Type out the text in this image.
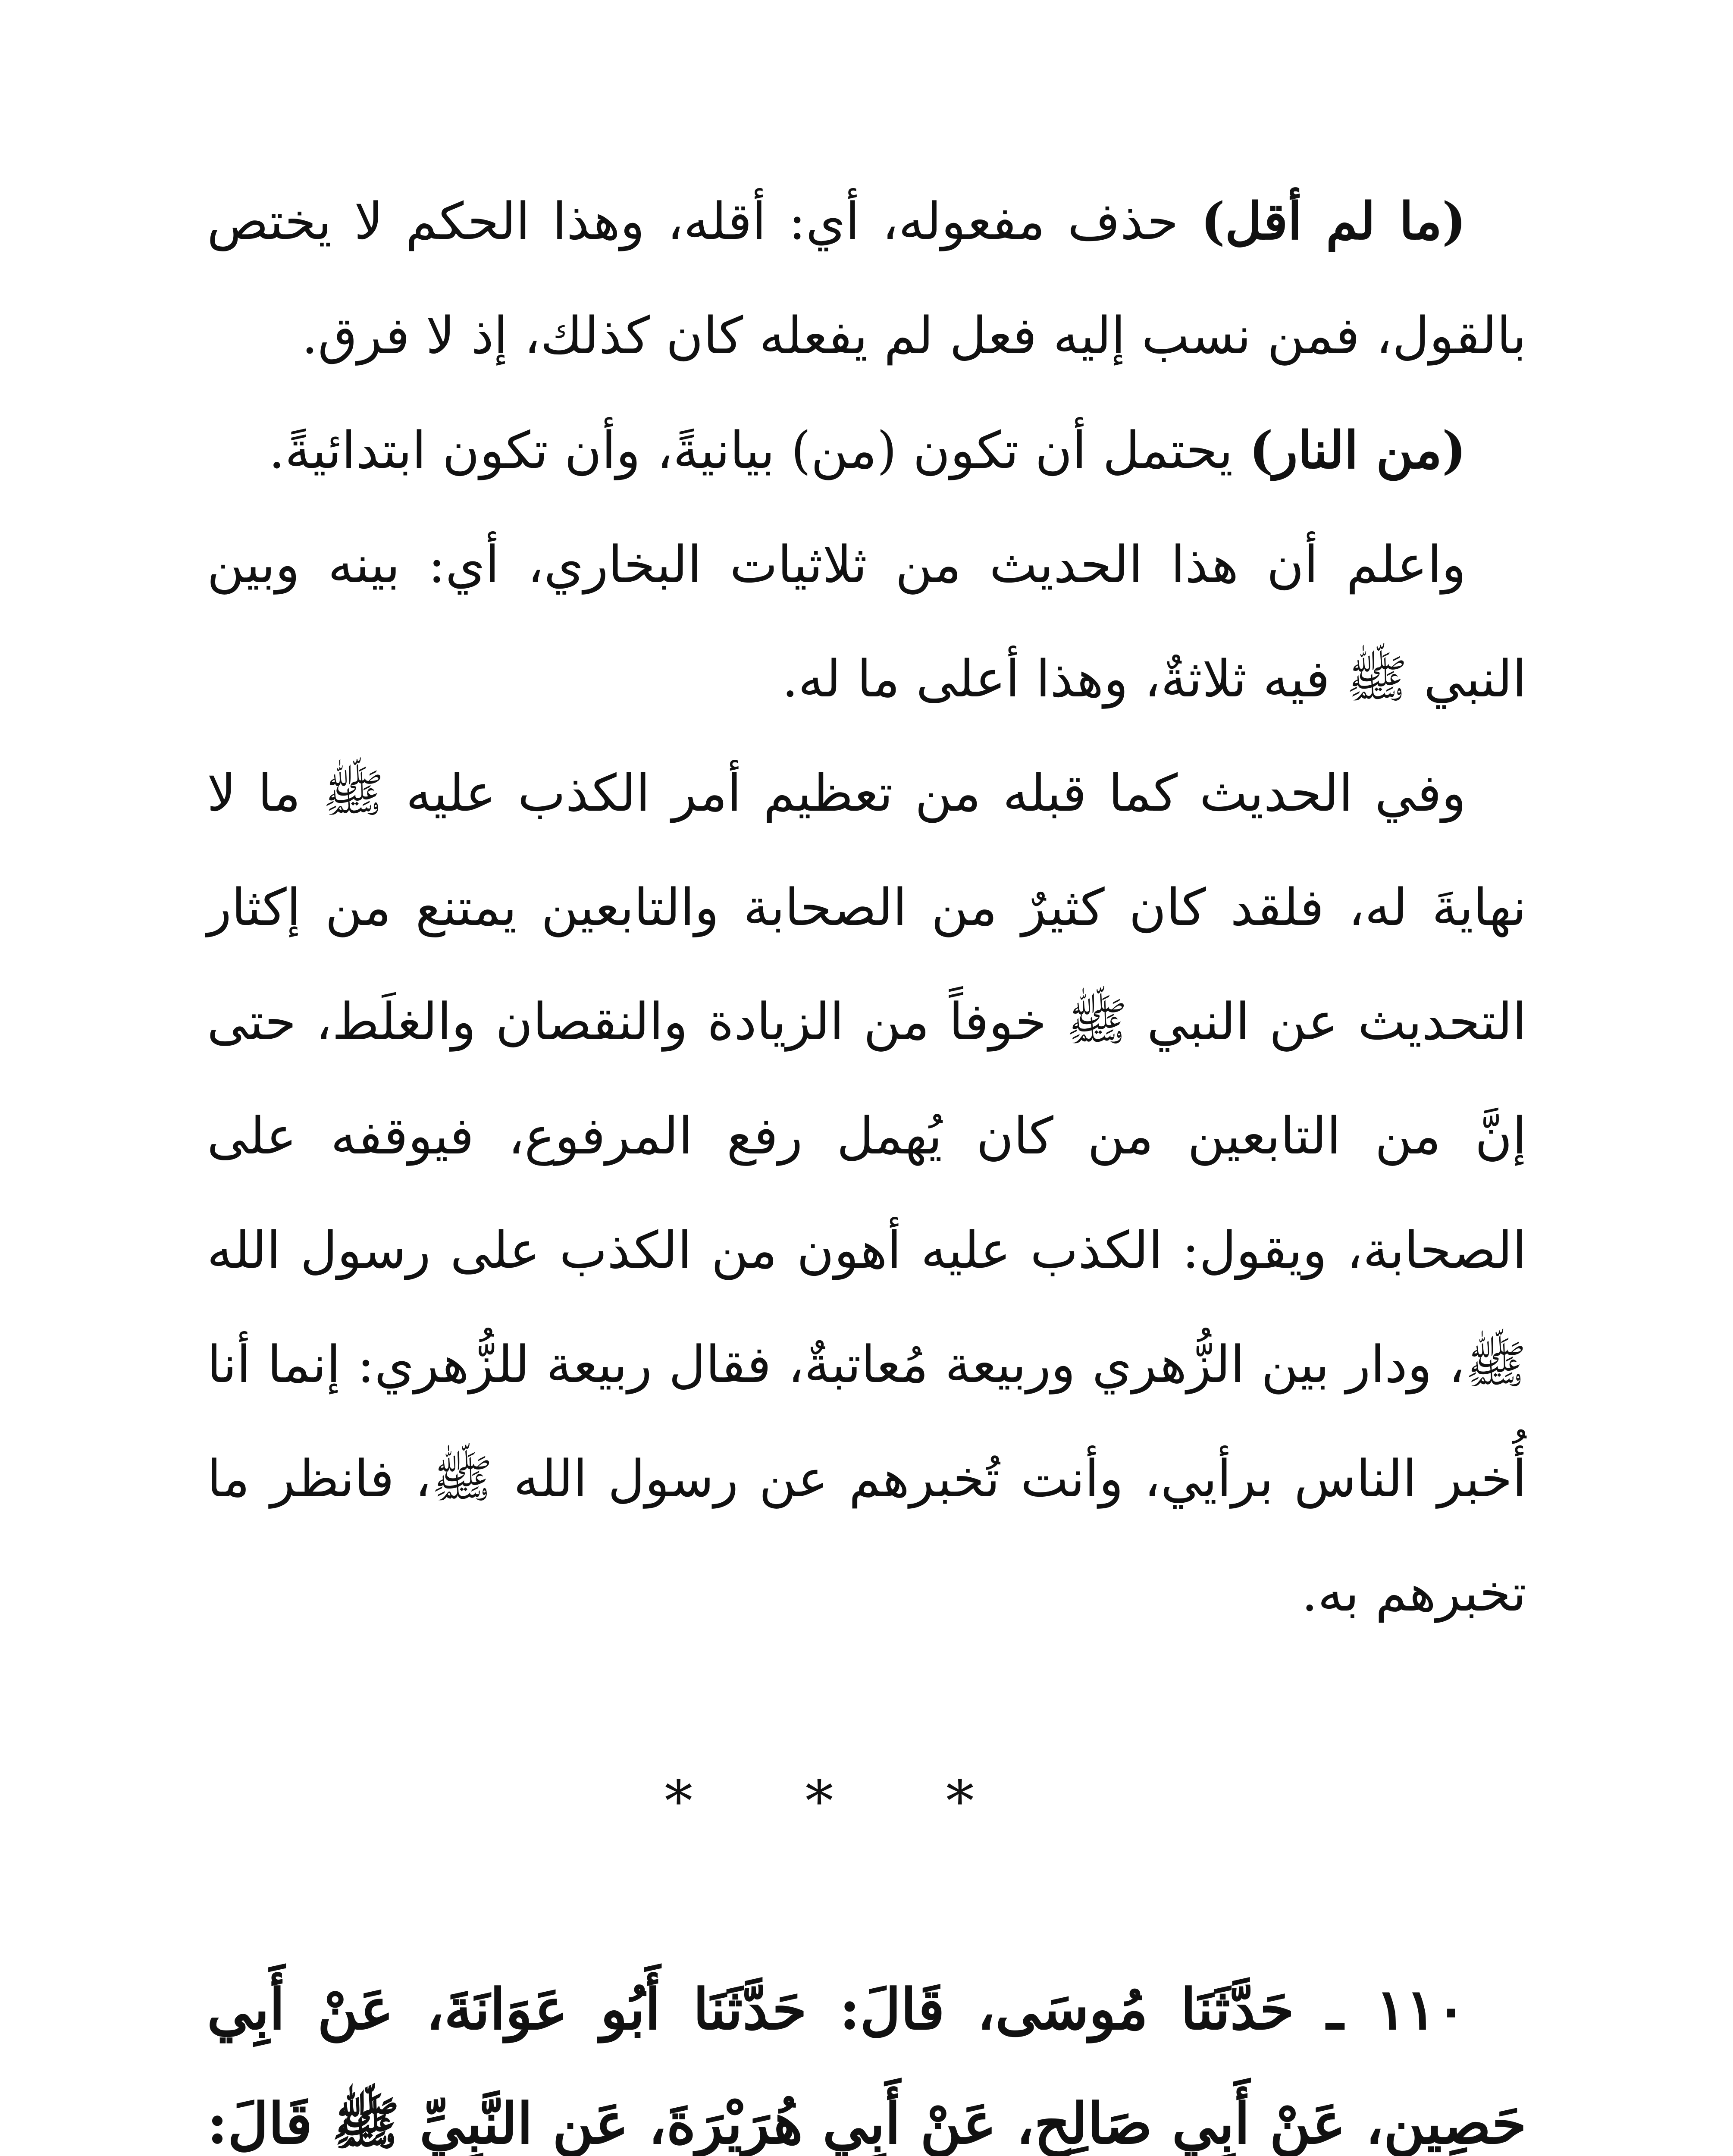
(ما لم أقل) حذف مفعوله، أي: أقله، وهذا الحكم لا يختص بالقول، فمن نسب إليه فعل لم يفعله كان كذلك، إذ لا فرق.

(من النار) يحتمل أن تكون (من) بيانيةً، وأن تكون ابتدائيةً.

واعلم أن هذا الحديث من ثلاثيات البخاري، أي: بينه وبين النبي ﷺ فيه ثلاثةٌ، وهذا أعلى ما له.

وفي الحديث كما قبله من تعظيم أمر الكذب عليه ﷺ ما لا نهايةَ له، فلقد كان كثيرٌ من الصحابة والتابعين يمتنع من إكثار التحديث عن النبي ﷺ خوفاً من الزيادة والنقصان والغلَط، حتى إنَّ من التابعين من كان يُهمل رفع المرفوع، فيوقفه على الصحابة، ويقول: الكذب عليه أهون من الكذب على رسول الله ﷺ، ودار بين الزُّهري وربيعة مُعاتبةٌ، فقال ربيعة للزُّهري: إنما أنا أُخبر الناس برأيي، وأنت تُخبرهم عن رسول الله ﷺ، فانظر ما تخبرهم به.

* * *

١١٠ ـ حَدَّثَنَا مُوسَى، قَالَ: حَدَّثَنَا أَبُو عَوَانَةَ، عَنْ أَبِي حَصِينٍ، عَنْ أَبِي صَالِحٍ، عَنْ أَبِي هُرَيْرَةَ، عَنِ النَّبِيِّ ﷺ قَالَ:
